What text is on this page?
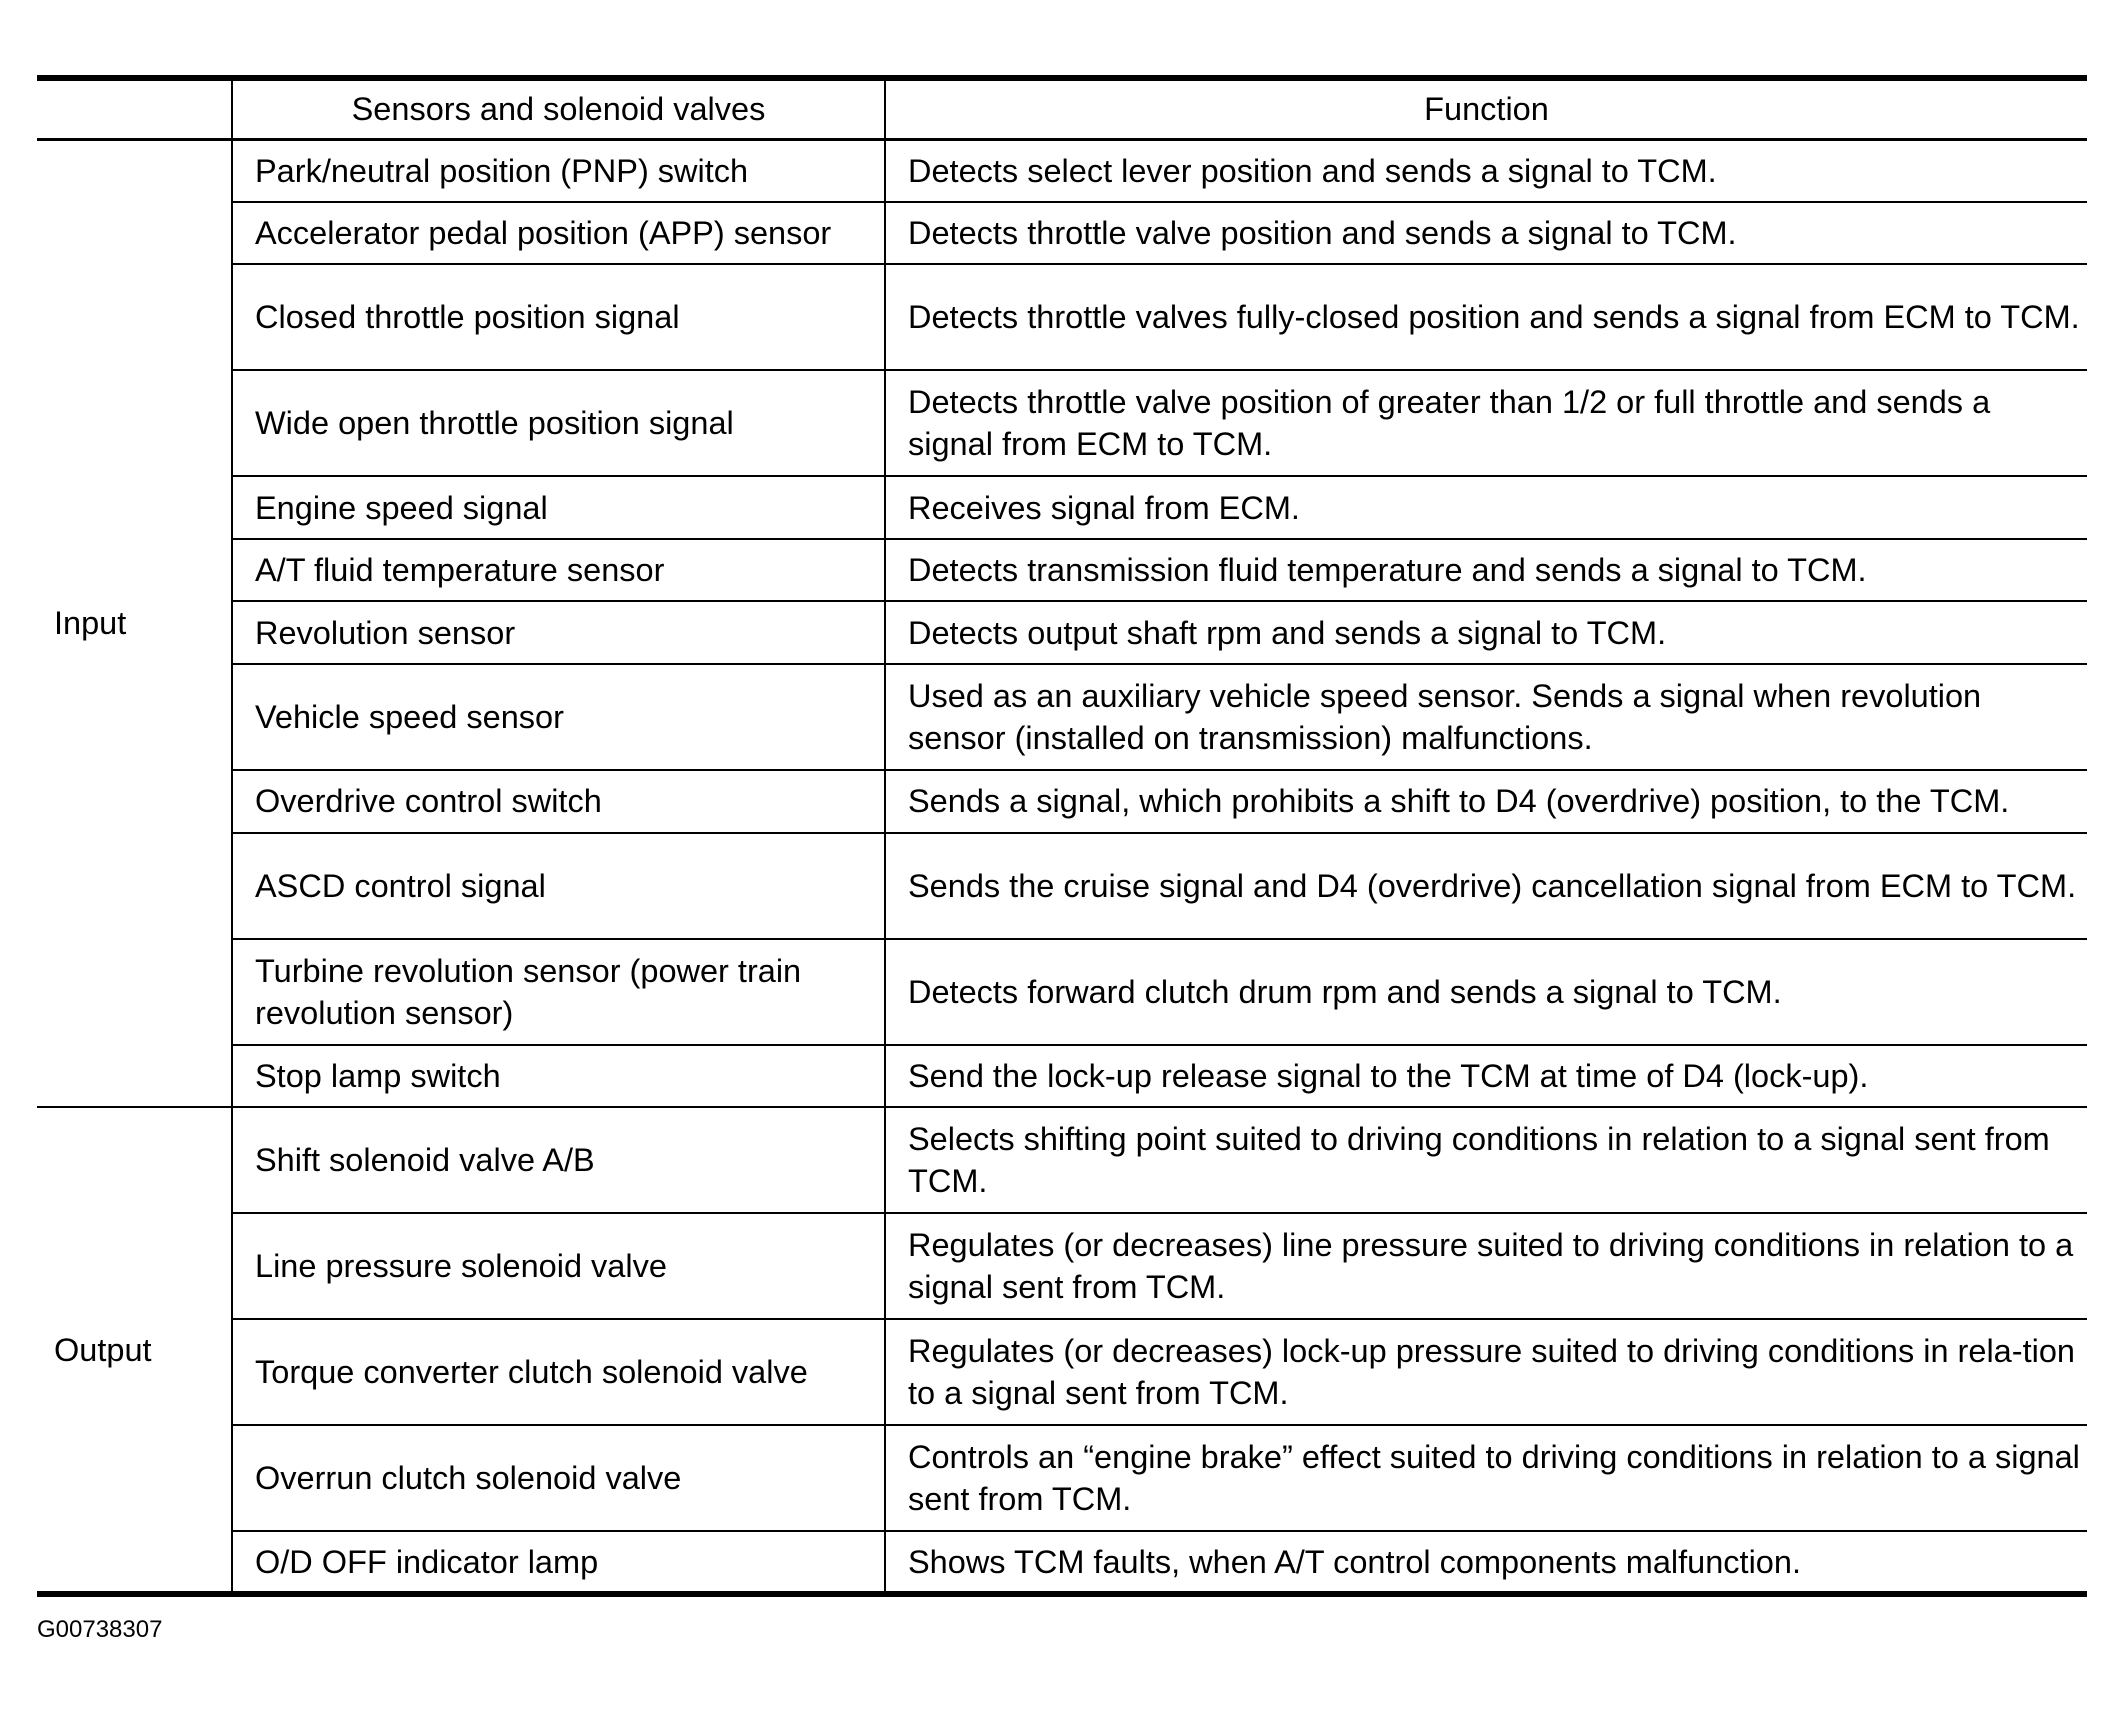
	Sensors and solenoid valves	Function
Input	Park/neutral position (PNP) switch	Detects select lever position and sends a signal to TCM.
	Accelerator pedal position (APP) sensor	Detects throttle valve position and sends a signal to TCM.
	Closed throttle position signal	Detects throttle valves fully-closed position and sends a signal from ECM to TCM.
	Wide open throttle position signal	Detects throttle valve position of greater than 1/2 or full throttle and sends a signal from ECM to TCM.
	Engine speed signal	Receives signal from ECM.
	A/T fluid temperature sensor	Detects transmission fluid temperature and sends a signal to TCM.
	Revolution sensor	Detects output shaft rpm and sends a signal to TCM.
	Vehicle speed sensor	Used as an auxiliary vehicle speed sensor. Sends a signal when revolution sensor (installed on transmission) malfunctions.
	Overdrive control switch	Sends a signal, which prohibits a shift to D4 (overdrive) position, to the TCM.
	ASCD control signal	Sends the cruise signal and D4 (overdrive) cancellation signal from ECM to TCM.
	Turbine revolution sensor (power train revolution sensor)	Detects forward clutch drum rpm and sends a signal to TCM.
	Stop lamp switch	Send the lock-up release signal to the TCM at time of D4 (lock-up).
Output	Shift solenoid valve A/B	Selects shifting point suited to driving conditions in relation to a signal sent from TCM.
	Line pressure solenoid valve	Regulates (or decreases) line pressure suited to driving conditions in relation to a signal sent from TCM.
	Torque converter clutch solenoid valve	Regulates (or decreases) lock-up pressure suited to driving conditions in rela-tion to a signal sent from TCM.
	Overrun clutch solenoid valve	Controls an “engine brake” effect suited to driving conditions in relation to a signal sent from TCM.
	O/D OFF indicator lamp	Shows TCM faults, when A/T control components malfunction.
G00738307
